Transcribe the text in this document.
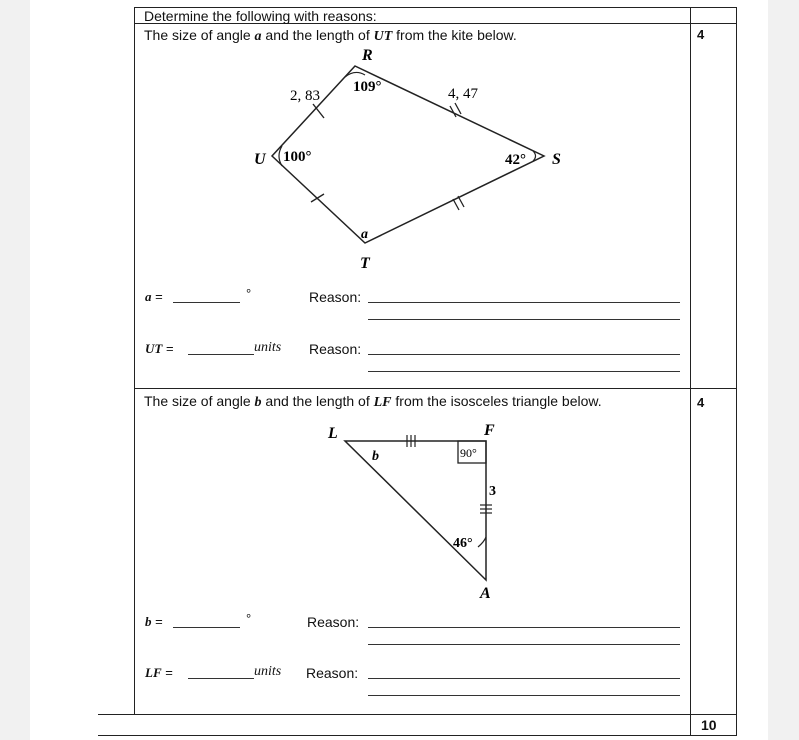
Determine the following with reasons:
The size of angle a and the length of UT from the kite below.	4
R
U	S
T
109°
100°	42°
a
2, 83	4, 47
a =	°	Reason:
UT =	units Reason:
The size of angle b and the length of LF from the isosceles triangle below.	4
L	F
A
90°
b
3
46°
b =	°	Reason:
LF =	units Reason:
10
